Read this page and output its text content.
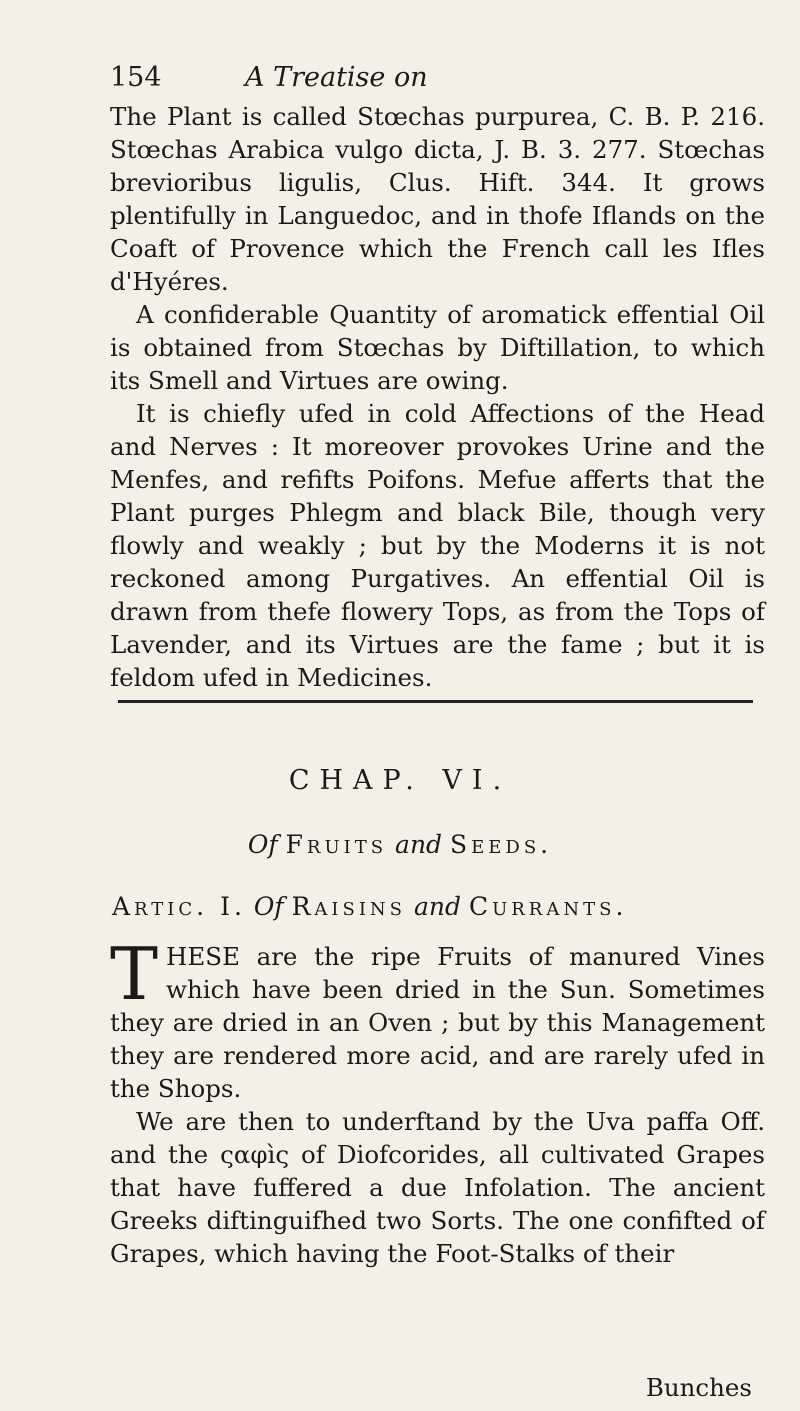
154	A Treatise on

The Plant is called Stœchas purpurea, C. B. P. 216. Stœchas Arabica vulgo dicta, J. B. 3. 277. Stœchas brevioribus ligulis, Clus. Hift. 344. It grows plentifully in Languedoc, and in thofe Iflands on the Coaft of Provence which the French call les Ifles d'Hyéres.

A confiderable Quantity of aromatick effential Oil is obtained from Stœchas by Diftillation, to which its Smell and Virtues are owing.

It is chiefly ufed in cold Affections of the Head and Nerves : It moreover provokes Urine and the Menfes, and refifts Poifons. Mefue afferts that the Plant purges Phlegm and black Bile, though very flowly and weakly ; but by the Moderns it is not reckoned among Purgatives. An effential Oil is drawn from thefe flowery Tops, as from the Tops of Lavender, and its Virtues are the fame ; but it is feldom ufed in Medicines.

CHAP. VI.
Of Fruits and Seeds.
Artic. I. Of Raisins and Currants.

THESE are the ripe Fruits of manured Vines which have been dried in the Sun. Sometimes they are dried in an Oven ; but by this Management they are rendered more acid, and are rarely ufed in the Shops.

We are then to underftand by the Uva paffa Off. and the ςαφìς of Diofcorides, all cultivated Grapes that have fuffered a due Infolation. The ancient Greeks diftinguifhed two Sorts. The one confifted of Grapes, which having the Foot-Stalks of their

Bunches
